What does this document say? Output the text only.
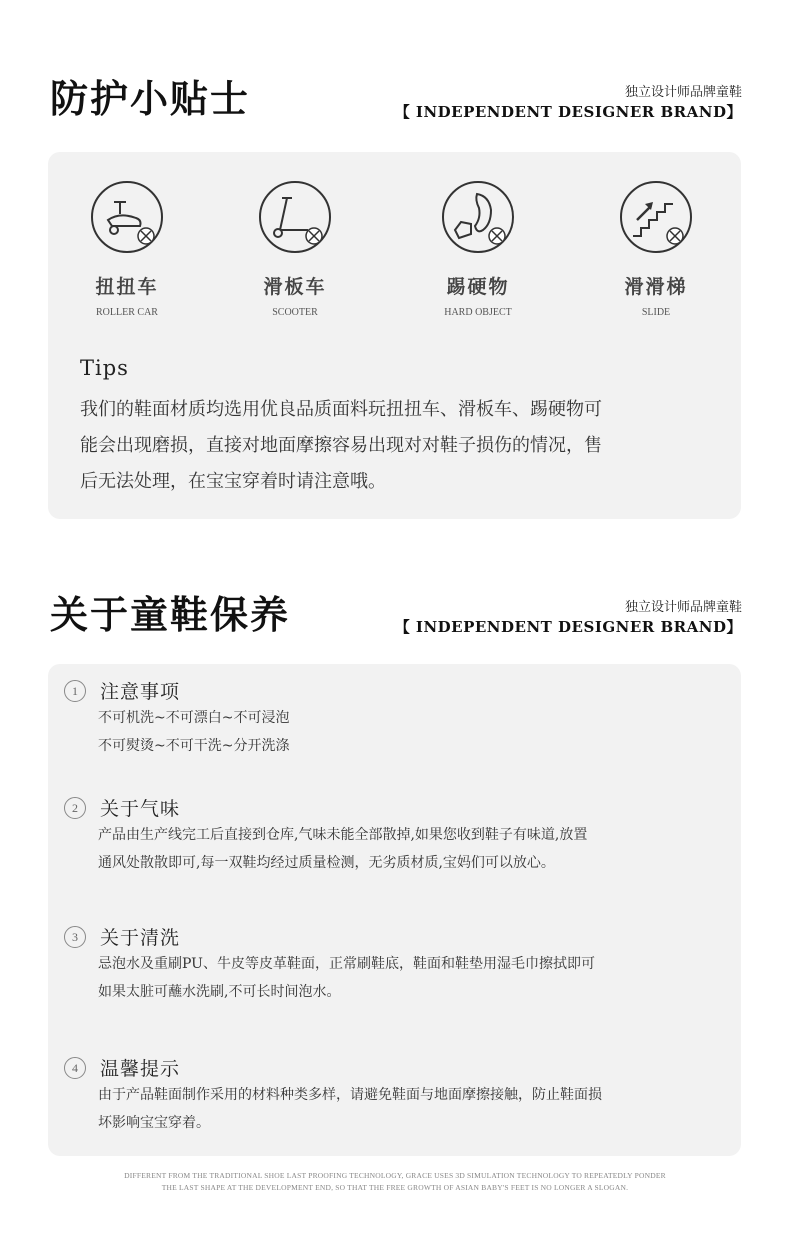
防护小贴士	独立设计师品牌童鞋
【 INDEPENDENT DESIGNER BRAND】
扭扭车
ROLLER CAR
滑板车
SCOOTER
踢硬物
HARD OBJECT
滑滑梯
SLIDE
Tips
我们的鞋面材质均选用优良品质面料玩扭扭车、滑板车、踢硬物可
能会出现磨损，直接对地面摩擦容易出现对对鞋子损伤的情况，售
后无法处理，在宝宝穿着时请注意哦。
关于童鞋保养	独立设计师品牌童鞋
【 INDEPENDENT DESIGNER BRAND】
1	注意事项
不可机洗~不可漂白~不可浸泡
不可熨烫~不可干洗~分开洗涤
2	关于气味
产品由生产线完工后直接到仓库,气味未能全部散掉,如果您收到鞋子有味道,放置
通风处散散即可,每一双鞋均经过质量检测，无劣质材质,宝妈们可以放心。
3	关于清洗
忌泡水及重刷PU、牛皮等皮革鞋面，正常刷鞋底，鞋面和鞋垫用湿毛巾擦拭即可
如果太脏可蘸水洗刷,不可长时间泡水。
4	温馨提示
由于产品鞋面制作采用的材料种类多样，请避免鞋面与地面摩擦接触，防止鞋面损
坏影响宝宝穿着。
DIFFERENT FROM THE TRADITIONAL SHOE LAST PROOFING TECHNOLOGY, GRACE USES 3D SIMULATION TECHNOLOGY TO REPEATEDLY PONDER
THE LAST SHAPE AT THE DEVELOPMENT END, SO THAT THE FREE GROWTH OF ASIAN BABY'S FEET IS NO LONGER A SLOGAN.
